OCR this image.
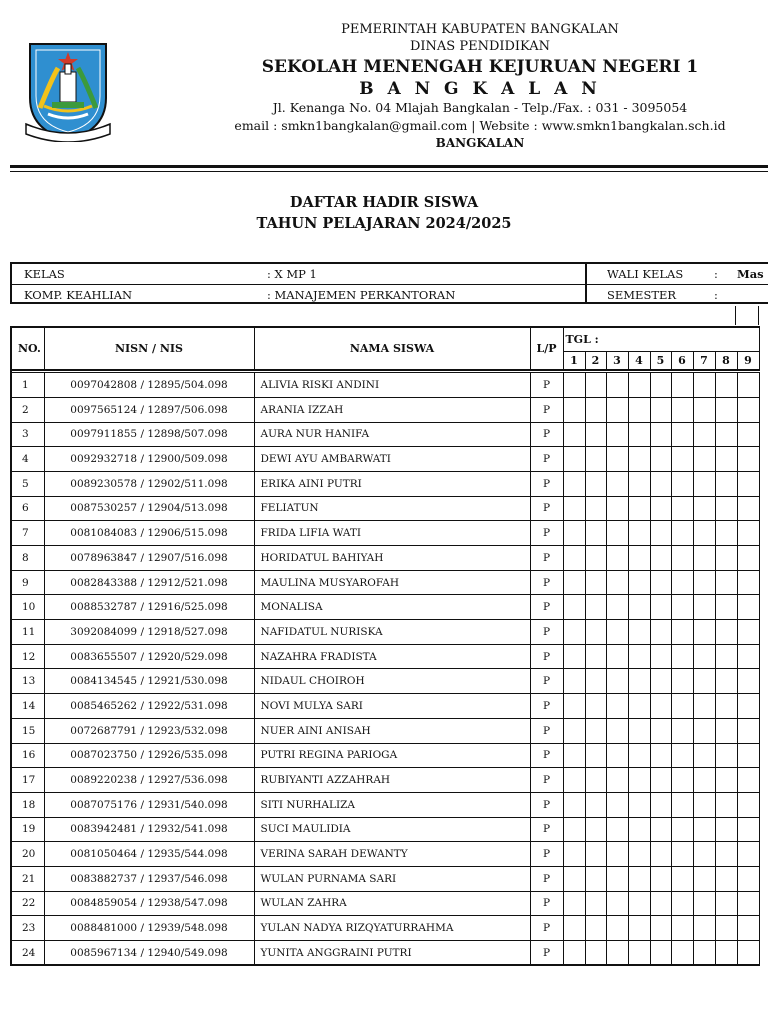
PEMERINTAH KABUPATEN BANGKALAN
DINAS PENDIDIKAN
SEKOLAH MENENGAH KEJURUAN NEGERI 1
B A N G K A L A N
Jl. Kenanga No. 04 Mlajah Bangkalan - Telp./Fax. : 031 - 3095054
email : smkn1bangkalan@gmail.com | Website : www.smkn1bangkalan.sch.id
BANGKALAN
DAFTAR HADIR SISWA
TAHUN PELAJARAN 2024/2025
KELAS	: X MP 1	WALI KELAS	: Mas
KOMP. KEAHLIAN	: MANAJEMEN PERKANTORAN	SEMESTER	:
NO.	NISN / NIS	NAMA SISWA	L/P	TGL :								
				1	2	3	4	5	6	7	8	9

1	0097042808 / 12895/504.098	ALIVIA RISKI ANDINI	P									
2	0097565124 / 12897/506.098	ARANIA IZZAH	P									
3	0097911855 / 12898/507.098	AURA NUR HANIFA	P									
4	0092932718 / 12900/509.098	DEWI AYU AMBARWATI	P									
5	0089230578 / 12902/511.098	ERIKA AINI PUTRI	P									
6	0087530257 / 12904/513.098	FELIATUN	P									
7	0081084083 / 12906/515.098	FRIDA LIFIA WATI	P									
8	0078963847 / 12907/516.098	HORIDATUL BAHIYAH	P									
9	0082843388 / 12912/521.098	MAULINA MUSYAROFAH	P									
10	0088532787 / 12916/525.098	MONALISA	P									
11	3092084099 / 12918/527.098	NAFIDATUL NURISKA	P									
12	0083655507 / 12920/529.098	NAZAHRA FRADISTA	P									
13	0084134545 / 12921/530.098	NIDAUL CHOIROH	P									
14	0085465262 / 12922/531.098	NOVI MULYA SARI	P									
15	0072687791 / 12923/532.098	NUER AINI ANISAH	P									
16	0087023750 / 12926/535.098	PUTRI REGINA PARIOGA	P									
17	0089220238 / 12927/536.098	RUBIYANTI AZZAHRAH	P									
18	0087075176 / 12931/540.098	SITI NURHALIZA	P									
19	0083942481 / 12932/541.098	SUCI MAULIDIA	P									
20	0081050464 / 12935/544.098	VERINA SARAH DEWANTY	P									
21	0083882737 / 12937/546.098	WULAN PURNAMA SARI	P									
22	0084859054 / 12938/547.098	WULAN ZAHRA	P									
23	0088481000 / 12939/548.098	YULAN NADYA RIZQYATURRAHMA	P									
24	0085967134 / 12940/549.098	YUNITA ANGGRAINI PUTRI	P									
